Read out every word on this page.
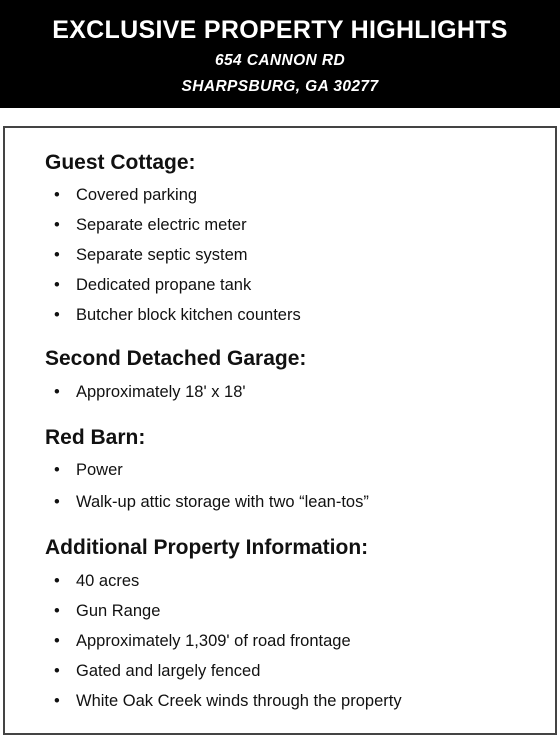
EXCLUSIVE PROPERTY HIGHLIGHTS
654 CANNON RD
SHARPSBURG, GA 30277
Guest Cottage:
• Covered parking
• Separate electric meter
• Separate septic system
• Dedicated propane tank
• Butcher block kitchen counters
Second Detached Garage:
• Approximately 18' x 18'
Red Barn:
• Power
• Walk-up attic storage with two “lean-tos”
Additional Property Information:
• 40 acres
• Gun Range
• Approximately 1,309' of road frontage
• Gated and largely fenced
• White Oak Creek winds through the property
